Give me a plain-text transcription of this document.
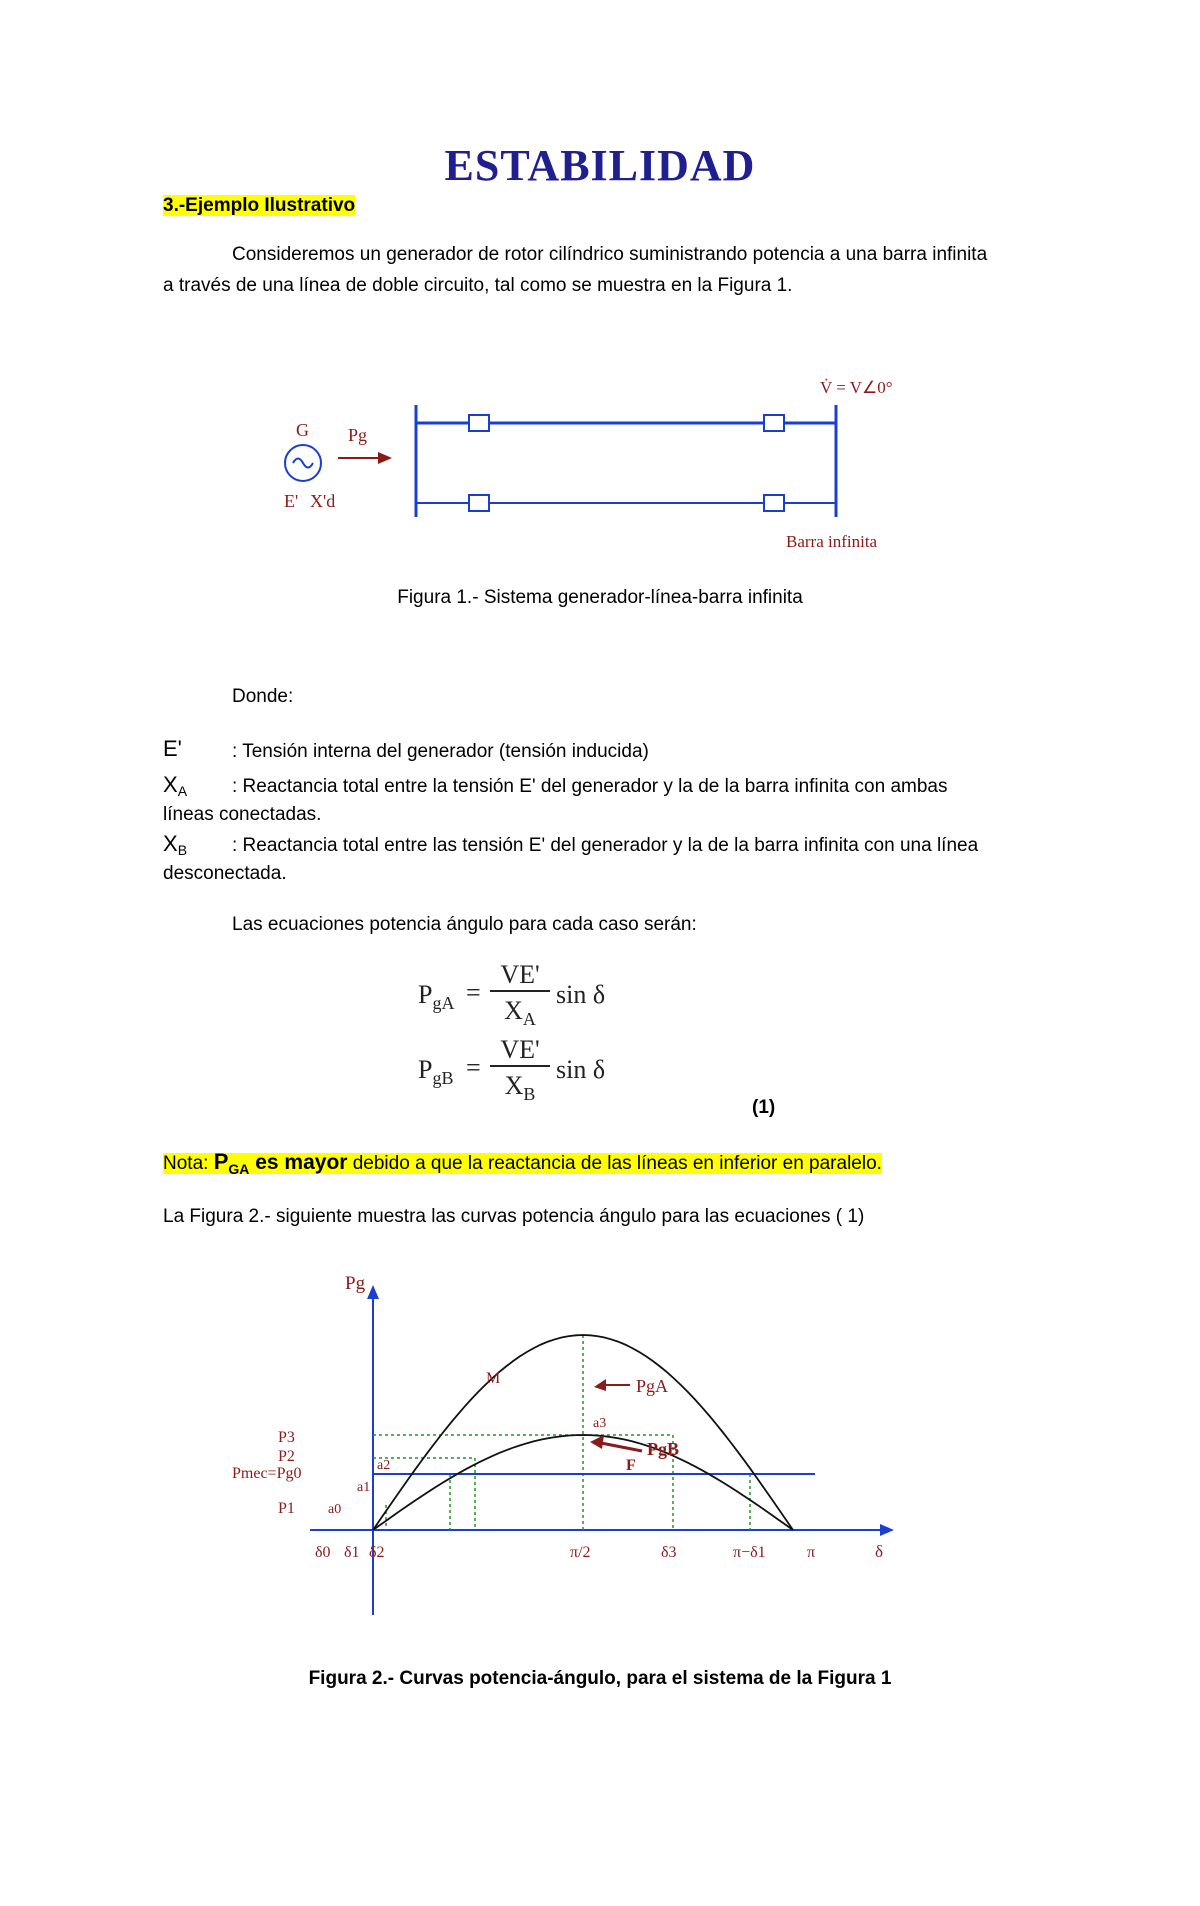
ESTABILIDAD
3.-Ejemplo Ilustrativo
Consideremos un generador de rotor cilíndrico suministrando potencia a una barra infinita
a través de una línea de doble circuito, tal como se muestra en la Figura 1.
G Pg
E' X'd
V̇ = V∠0°
Barra infinita
Figura 1.- Sistema generador-línea-barra infinita
Donde:
E'	: Tensión interna del generador (tensión inducida)
$X_A$ : Reactancia total entre la tensión E' del generador y la de la barra infinita con ambas
líneas conectadas.
$X_B$ : Reactancia total entre las tensión E' del generador y la de la barra infinita con una línea
desconectada.
Las ecuaciones potencia ángulo para cada caso serán:
$P_{gA}$ =
VE'
$X_A$
sin δ
$P_{gB}$ =
VE'
$X_B$
sin δ
(1)
Nota: $P_{GA}$ es mayor debido a que la reactancia de las líneas en inferior en paralelo.
La Figura 2.- siguiente muestra las curvas potencia ángulo para las ecuaciones ( 1)
Pg
δ
PgA
PgB
M
F
a3
a2
a1
a0
P3
P2
Pmec=Pg0
P1
δ0 δ1 δ2	π/2	δ3	π−δ1	π
Figura 2.- Curvas potencia-ángulo, para el sistema de la Figura 1
